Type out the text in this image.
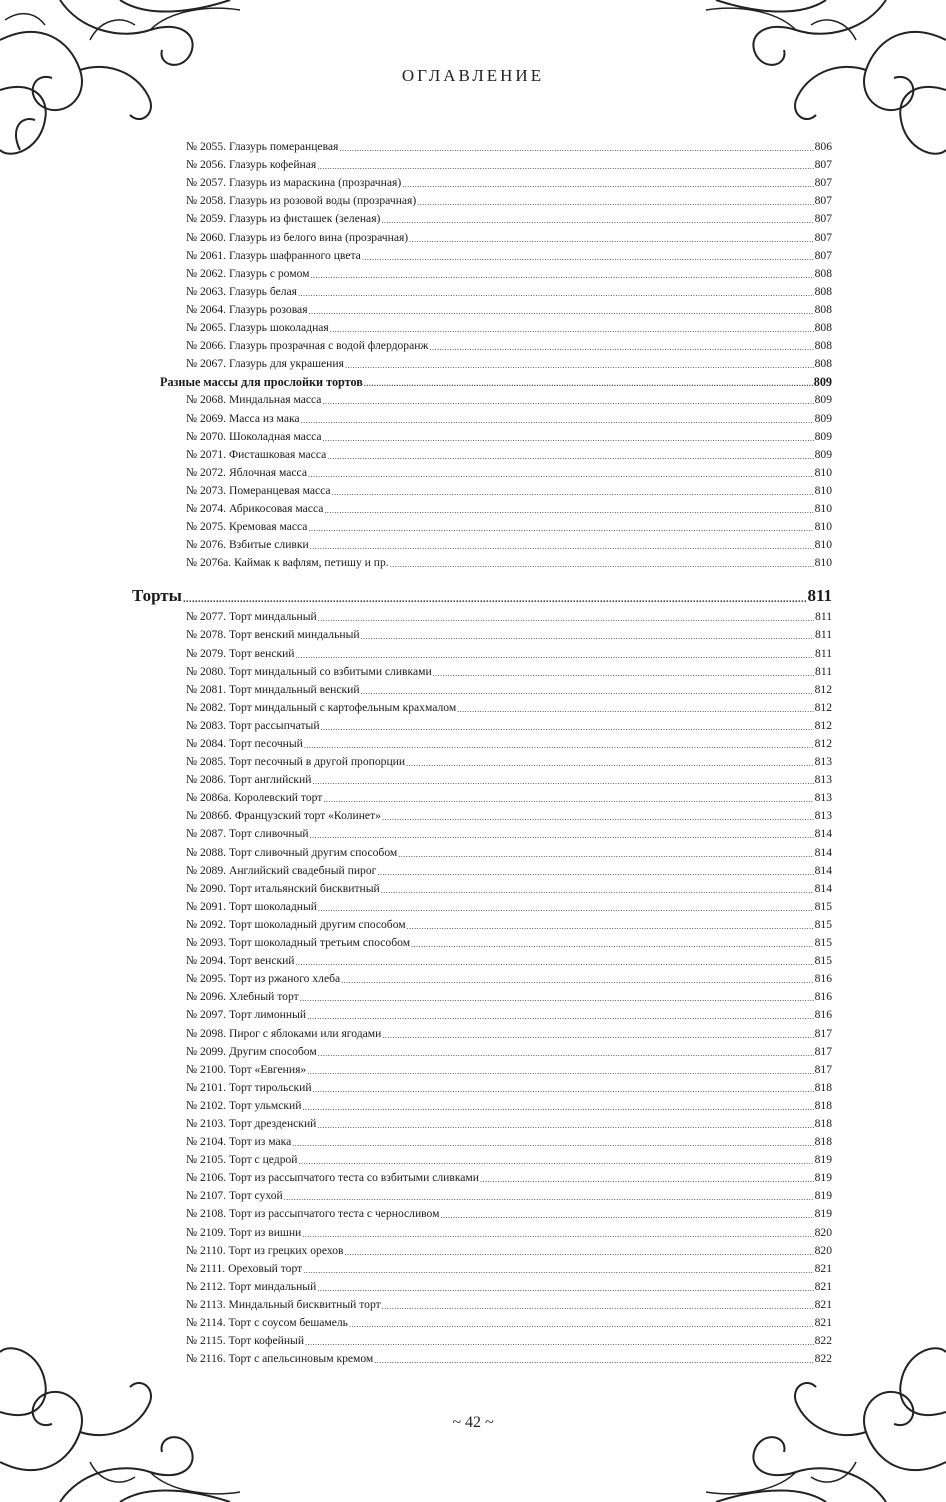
ОГЛАВЛЕНИЕ
№ 2055. Глазурь померанцевая .....	806
№ 2056. Глазурь кофейная .....	807
№ 2057. Глазурь из мараскина (прозрачная) .....	807
№ 2058. Глазурь из розовой воды (прозрачная) .....	807
№ 2059. Глазурь из фисташек (зеленая) .....	807
№ 2060. Глазурь из белого вина (прозрачная) .....	807
№ 2061. Глазурь шафранного цвета .....	807
№ 2062. Глазурь с ромом .....	808
№ 2063. Глазурь белая .....	808
№ 2064. Глазурь розовая .....	808
№ 2065. Глазурь шоколадная .....	808
№ 2066. Глазурь прозрачная с водой флердоранж .....	808
№ 2067. Глазурь для украшения .....	808
Разные массы для прослойки тортов .....	809
№ 2068. Миндальная масса .....	809
№ 2069. Масса из мака .....	809
№ 2070. Шоколадная масса .....	809
№ 2071. Фисташковая масса .....	809
№ 2072. Яблочная масса .....	810
№ 2073. Померанцевая масса .....	810
№ 2074. Абрикосовая масса .....	810
№ 2075. Кремовая масса .....	810
№ 2076. Взбитые сливки .....	810
№ 2076а. Каймак к вафлям, петишу и пр. .....	810
Торты .....	811
№ 2077. Торт миндальный .....	811
№ 2078. Торт венский миндальный .....	811
№ 2079. Торт венский .....	811
№ 2080. Торт миндальный со взбитыми сливками .....	811
№ 2081. Торт миндальный венский .....	812
№ 2082. Торт миндальный с картофельным крахмалом .....	812
№ 2083. Торт рассыпчатый .....	812
№ 2084. Торт песочный .....	812
№ 2085. Торт песочный в другой пропорции .....	813
№ 2086. Торт английский .....	813
№ 2086а. Королевский торт .....	813
№ 2086б. Французский торт «Колинет» .....	813
№ 2087. Торт сливочный .....	814
№ 2088. Торт сливочный другим способом .....	814
№ 2089. Английский свадебный пирог .....	814
№ 2090. Торт итальянский бисквитный .....	814
№ 2091. Торт шоколадный .....	815
№ 2092. Торт шоколадный другим способом .....	815
№ 2093. Торт шоколадный третьим способом .....	815
№ 2094. Торт венский .....	815
№ 2095. Торт из ржаного хлеба .....	816
№ 2096. Хлебный торт .....	816
№ 2097. Торт лимонный .....	816
№ 2098. Пирог с яблоками или ягодами .....	817
№ 2099. Другим способом .....	817
№ 2100. Торт «Евгения» .....	817
№ 2101. Торт тирольский .....	818
№ 2102. Торт ульмский .....	818
№ 2103. Торт дрезденский .....	818
№ 2104. Торт из мака .....	818
№ 2105. Торт с цедрой .....	819
№ 2106. Торт из рассыпчатого теста со взбитыми сливками .....	819
№ 2107. Торт сухой .....	819
№ 2108. Торт из рассыпчатого теста с черносливом .....	819
№ 2109. Торт из вишни .....	820
№ 2110. Торт из грецких орехов .....	820
№ 2111. Ореховый торт .....	821
№ 2112. Торт миндальный .....	821
№ 2113. Миндальный бисквитный торт .....	821
№ 2114. Торт с соусом бешамель .....	821
№ 2115. Торт кофейный .....	822
№ 2116. Торт с апельсиновым кремом .....	822
~ 42 ~
